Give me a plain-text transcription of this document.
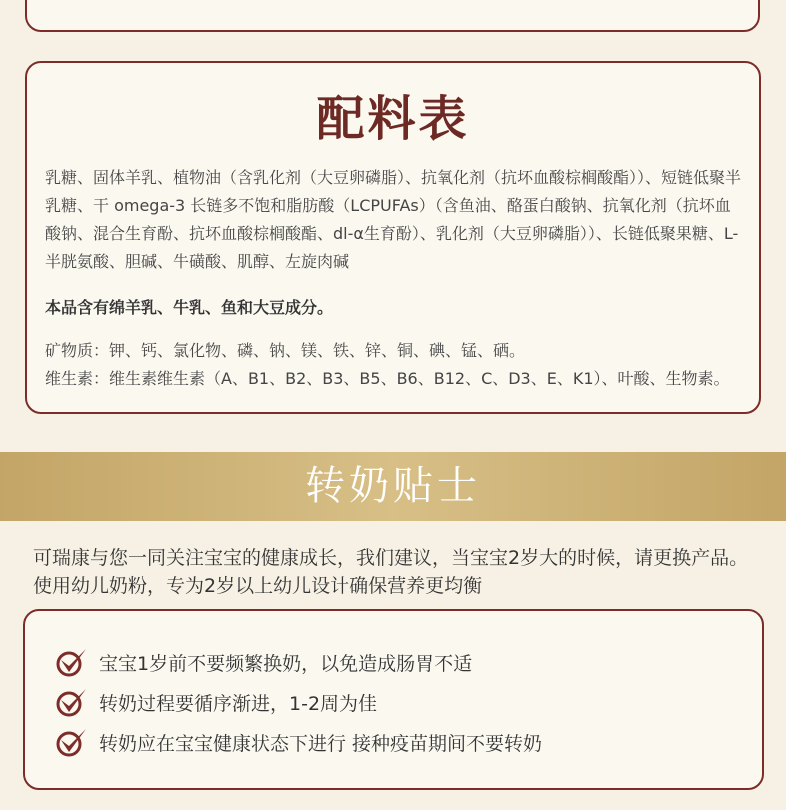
配料表
乳糖、固体羊乳、植物油（含乳化剂（大豆卵磷脂）、抗氧化剂（抗坏血酸棕榈酸酯））、短链低聚半乳糖、干 omega-3 长链多不饱和脂肪酸（LCPUFAs）（含鱼油、酪蛋白酸钠、抗氧化剂（抗坏血酸钠、混合生育酚、抗坏血酸棕榈酸酯、dl-α生育酚）、乳化剂（大豆卵磷脂））、长链低聚果糖、L- 半胱氨酸、胆碱、牛磺酸、肌醇、左旋肉碱
本品含有绵羊乳、牛乳、鱼和大豆成分。
矿物质：钾、钙、氯化物、磷、钠、镁、铁、锌、铜、碘、锰、硒。
维生素：维生素维生素（A、B1、B2、B3、B5、B6、B12、C、D3、E、K1）、叶酸、生物素。
转奶贴士
可瑞康与您一同关注宝宝的健康成长，我们建议，当宝宝2岁大的时候，请更换产品。使用幼儿奶粉，专为2岁以上幼儿设计确保营养更均衡
宝宝1岁前不要频繁换奶，以免造成肠胃不适
转奶过程要循序渐进，1-2周为佳
转奶应在宝宝健康状态下进行 接种疫苗期间不要转奶
